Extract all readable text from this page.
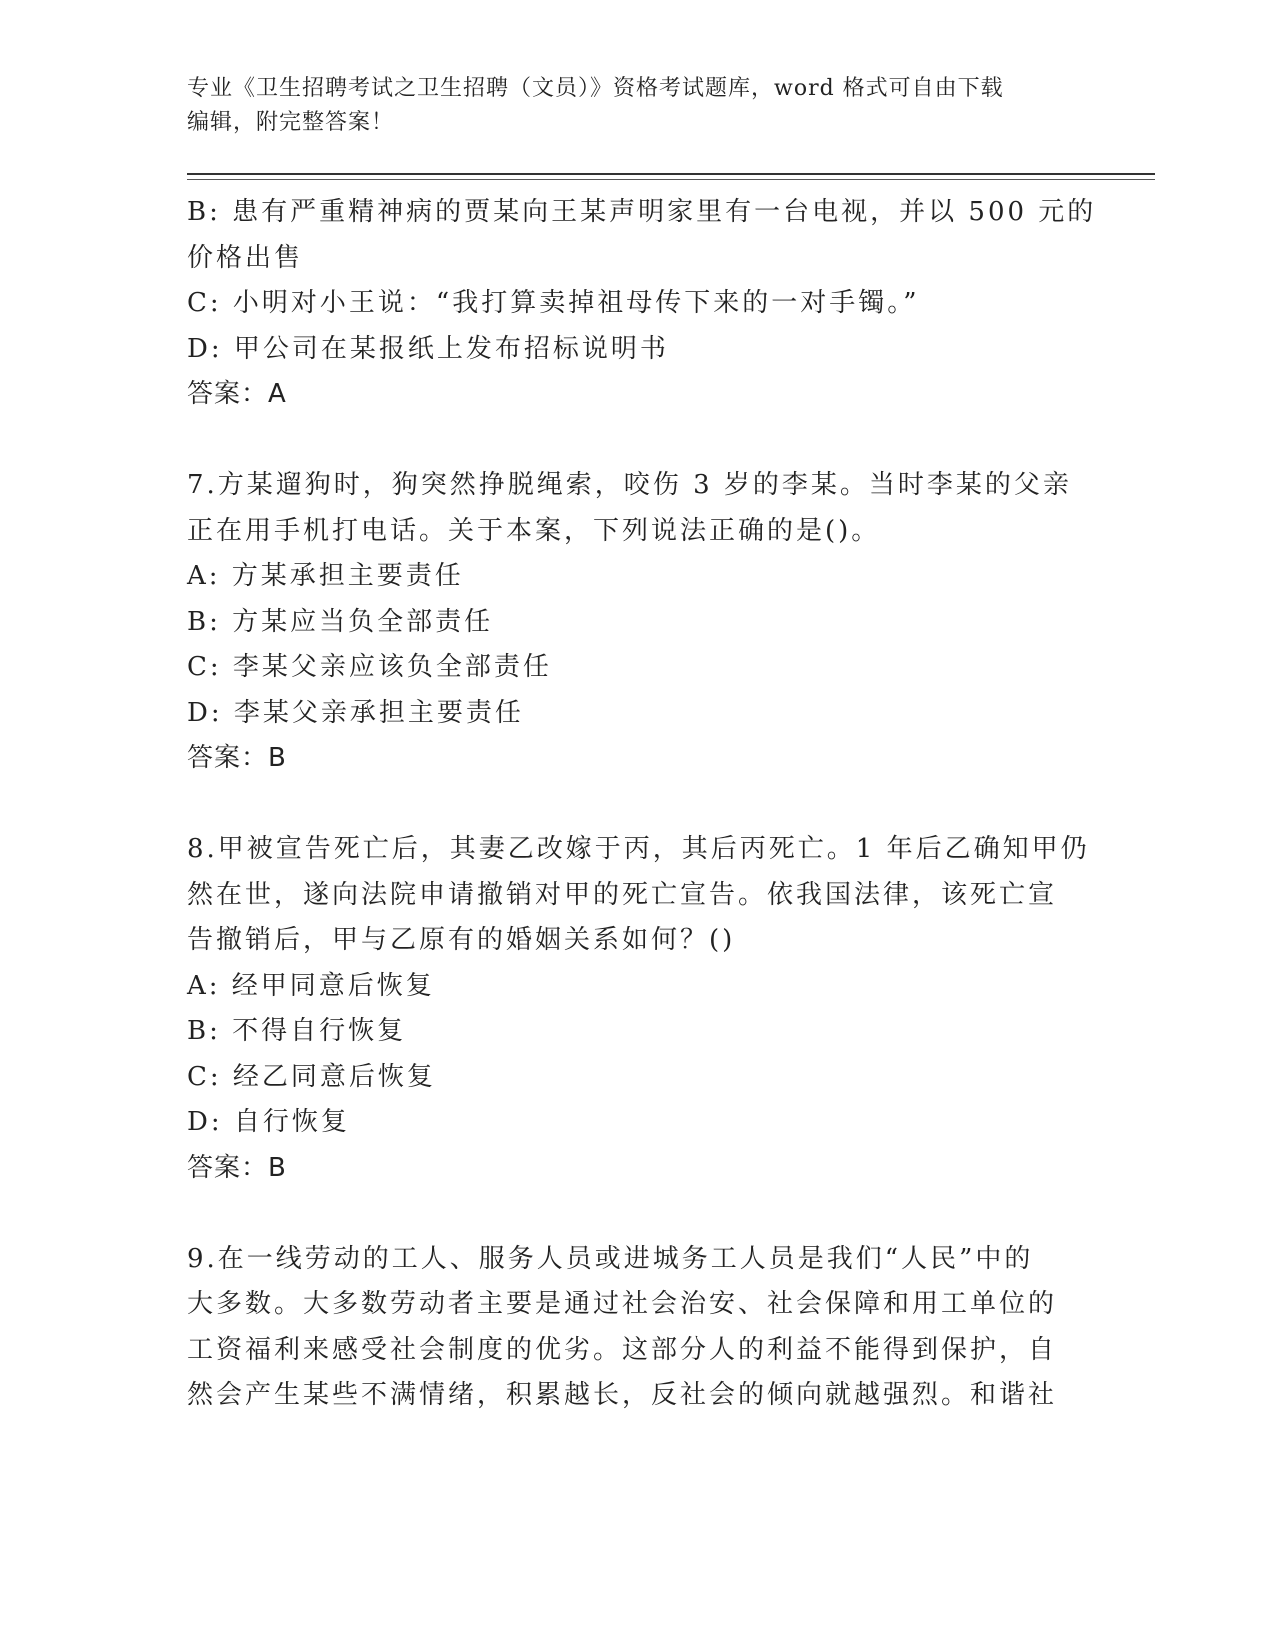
专业《卫生招聘考试之卫生招聘（文员）》资格考试题库，word 格式可自由下载
编辑，附完整答案！
B: 患有严重精神病的贾某向王某声明家里有一台电视，并以 500 元的
价格出售
C: 小明对小王说：“我打算卖掉祖母传下来的一对手镯。”
D: 甲公司在某报纸上发布招标说明书
答案：A
7.方某遛狗时，狗突然挣脱绳索，咬伤 3 岁的李某。当时李某的父亲
正在用手机打电话。关于本案，下列说法正确的是()。
A: 方某承担主要责任
B: 方某应当负全部责任
C: 李某父亲应该负全部责任
D: 李某父亲承担主要责任
答案：B
8.甲被宣告死亡后，其妻乙改嫁于丙，其后丙死亡。1 年后乙确知甲仍
然在世，遂向法院申请撤销对甲的死亡宣告。依我国法律，该死亡宣
告撤销后，甲与乙原有的婚姻关系如何？()
A: 经甲同意后恢复
B: 不得自行恢复
C: 经乙同意后恢复
D: 自行恢复
答案：B
9.在一线劳动的工人、服务人员或进城务工人员是我们“人民”中的
大多数。大多数劳动者主要是通过社会治安、社会保障和用工单位的
工资福利来感受社会制度的优劣。这部分人的利益不能得到保护，自
然会产生某些不满情绪，积累越长，反社会的倾向就越强烈。和谐社
